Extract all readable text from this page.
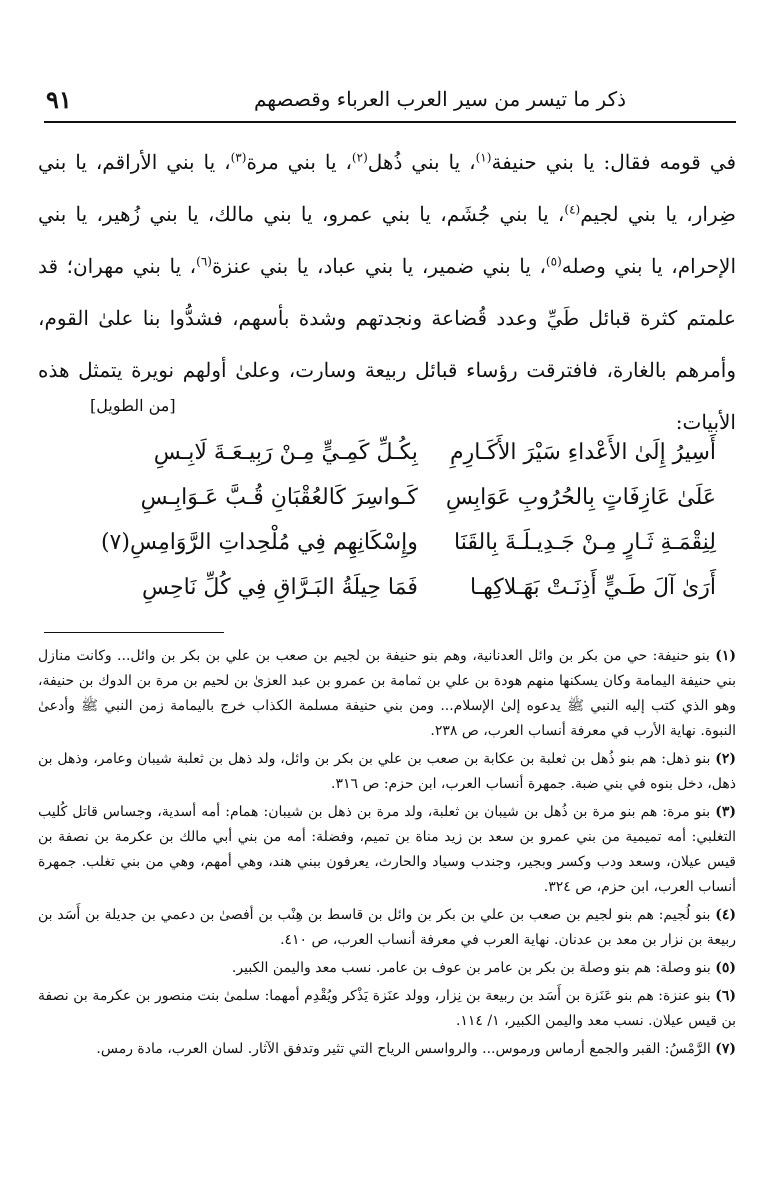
٩١	ذكر ما تيسر من سير العرب العرباء وقصصهم

في قومه فقال: يا بني حنيفة$^{(١)}$، يا بني ذُهل$^{(٢)}$، يا بني مرة$^{(٣)}$، يا بني الأراقم، يا بني ضِرار، يا بني لجيم$^{(٤)}$، يا بني جُشَم، يا بني عمرو، يا بني مالك، يا بني زُهير، يا بني الإحرام، يا بني وصله$^{(٥)}$، يا بني ضمير، يا بني عباد، يا بني عنزة$^{(٦)}$، يا بني مهران؛ قد علمتم كثرة قبائل طَيِّ وعدد قُضاعة ونجدتهم وشدة بأسهم، فشدُّوا بنا علىٰ القوم، وأمرهم بالغارة، فافترقت رؤساء قبائل ربيعة وسارت، وعلىٰ أولهم نويرة يتمثل هذه الأبيات:

[من الطويل]
أَسِيرُ إِلَىٰ الأَعْداءِ سَيْرَ الأَكَـارِمِ
بِكُـلِّ كَمِـيٍّ مِـنْ رَبِيـعَـةَ لَابِـسِ
عَلَىٰ عَازِفَاتٍ بِالحُرُوبِ عَوَابِسِ
كَـواسِرَ كَالعُقْبَانِ قُـبَّ عَـوَابِـسِ
لِنِقْمَـةِ ثَـارٍ مِـنْ جَـدِيـلَـةَ بِالقَنَا
وإِسْكَانِهِم فِي مُلْحِداتِ الرَّوَامِسِ(٧)
أَرَىٰ آلَ طَـيٍّ أَذِنَـتْ بَهَـلاكِهـا
فَمَا حِيلَةُ البَـرَّاقِ فِي كُلِّ نَاحِسِ

(١) بنو حنيفة: حي من بكر بن وائل العدنانية، وهم بنو حنيفة بن لجيم بن صعب بن علي بن بكر بن وائل... وكانت منازل بني حنيفة اليمامة وكان يسكنها منهم هودة بن علي بن ثمامة بن عمرو بن عبد العزىٰ بن لحيم بن مرة بن الدوك بن حنيفة، وهو الذي كتب إليه النبي ﷺ يدعوه إلىٰ الإسلام... ومن بني حنيفة مسلمة الكذاب خرج باليمامة زمن النبي ﷺ وأدعىٰ النبوة. نهاية الأرب في معرفة أنساب العرب، ص ٢٣٨.

(٢) بنو ذهل: هم بنو ذُهل بن ثعلبة بن عكابة بن صعب بن علي بن بكر بن وائل، ولد ذهل بن ثعلبة شيبان وعامر، وذهل بن ذهل، دخل بنوه في بني ضبة. جمهرة أنساب العرب، ابن حزم: ص ٣١٦.

(٣) بنو مرة: هم بنو مرة بن ذُهل بن شيبان بن ثعلبة، ولد مرة بن ذهل بن شيبان: همام: أمه أسدية، وجساس قاتل كُليب التغلبي: أمه تميمية من بني عمرو بن سعد بن زيد مناة بن تميم، وفضلة: أمه من بني أبي مالك بن عكرمة بن نصفة بن قيس عيلان، وسعد ودب وكسر وبجير، وجندب وسياد والحارث، يعرفون ببني هند، وهي أمهم، وهي من بني تغلب. جمهرة أنساب العرب، ابن حزم، ص ٣٢٤.

(٤) بنو لُجيم: هم بنو لجيم بن صعب بن علي بن بكر بن وائل بن قاسط بن هِنْب بن أفصىٰ بن دعمي بن جديلة بن أَسَد بن ربيعة بن نزار بن معد بن عدنان. نهاية العرب في معرفة أنساب العرب، ص ٤١٠.

(٥) بنو وصلة: هم بنو وصلة بن بكر بن عامر بن عوف بن عامر. نسب معد واليمن الكبير.

(٦) بنو عنزة: هم بنو عَنَزة بن أَسَد بن ربيعة بن نِزار، وولد عنَزة يَذْكر ويُقْدِم أمهما: سلمىٰ بنت منصور بن عكرمة بن نصفة بن قيس عيلان. نسب معد واليمن الكبير، ١/ ١١٤.

(٧) الرَّمْسُ: القبر والجمع أرماس ورموس... والرواسس الرياح التي تثير وتدفق الآثار. لسان العرب، مادة رمس.
